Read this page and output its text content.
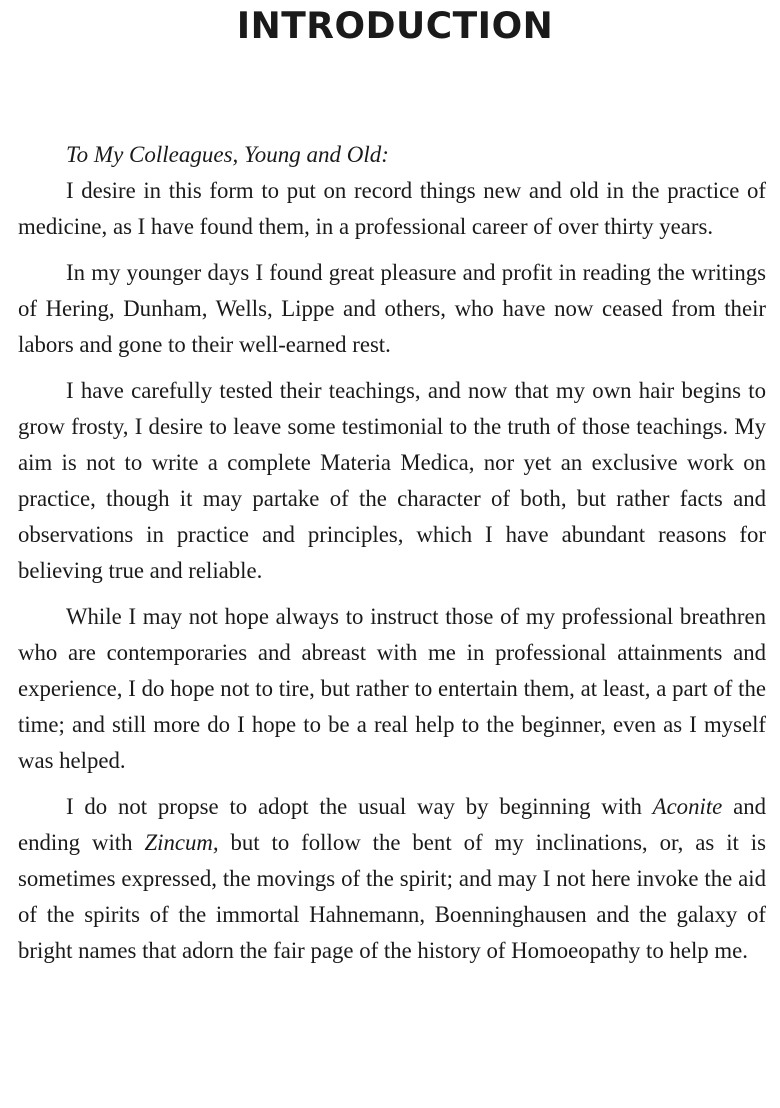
INTRODUCTION

To My Colleagues, Young and Old:

I desire in this form to put on record things new and old in the practice of medicine, as I have found them, in a professional career of over thirty years.

In my younger days I found great pleasure and profit in reading the writings of Hering, Dunham, Wells, Lippe and others, who have now ceased from their labors and gone to their well-earned rest.

I have carefully tested their teachings, and now that my own hair begins to grow frosty, I desire to leave some testimonial to the truth of those teachings. My aim is not to write a complete Materia Medica, nor yet an exclusive work on practice, though it may partake of the character of both, but rather facts and observations in practice and principles, which I have abundant reasons for believing true and reliable.

While I may not hope always to instruct those of my professional breathren who are contemporaries and abreast with me in professional attainments and experience, I do hope not to tire, but rather to entertain them, at least, a part of the time; and still more do I hope to be a real help to the beginner, even as I myself was helped.

I do not propse to adopt the usual way by beginning with Aconite and ending with Zincum, but to follow the bent of my inclinations, or, as it is sometimes expressed, the movings of the spirit; and may I not here invoke the aid of the spirits of the immortal Hahnemann, Boenninghausen and the galaxy of bright names that adorn the fair page of the history of Homoeopathy to help me.
